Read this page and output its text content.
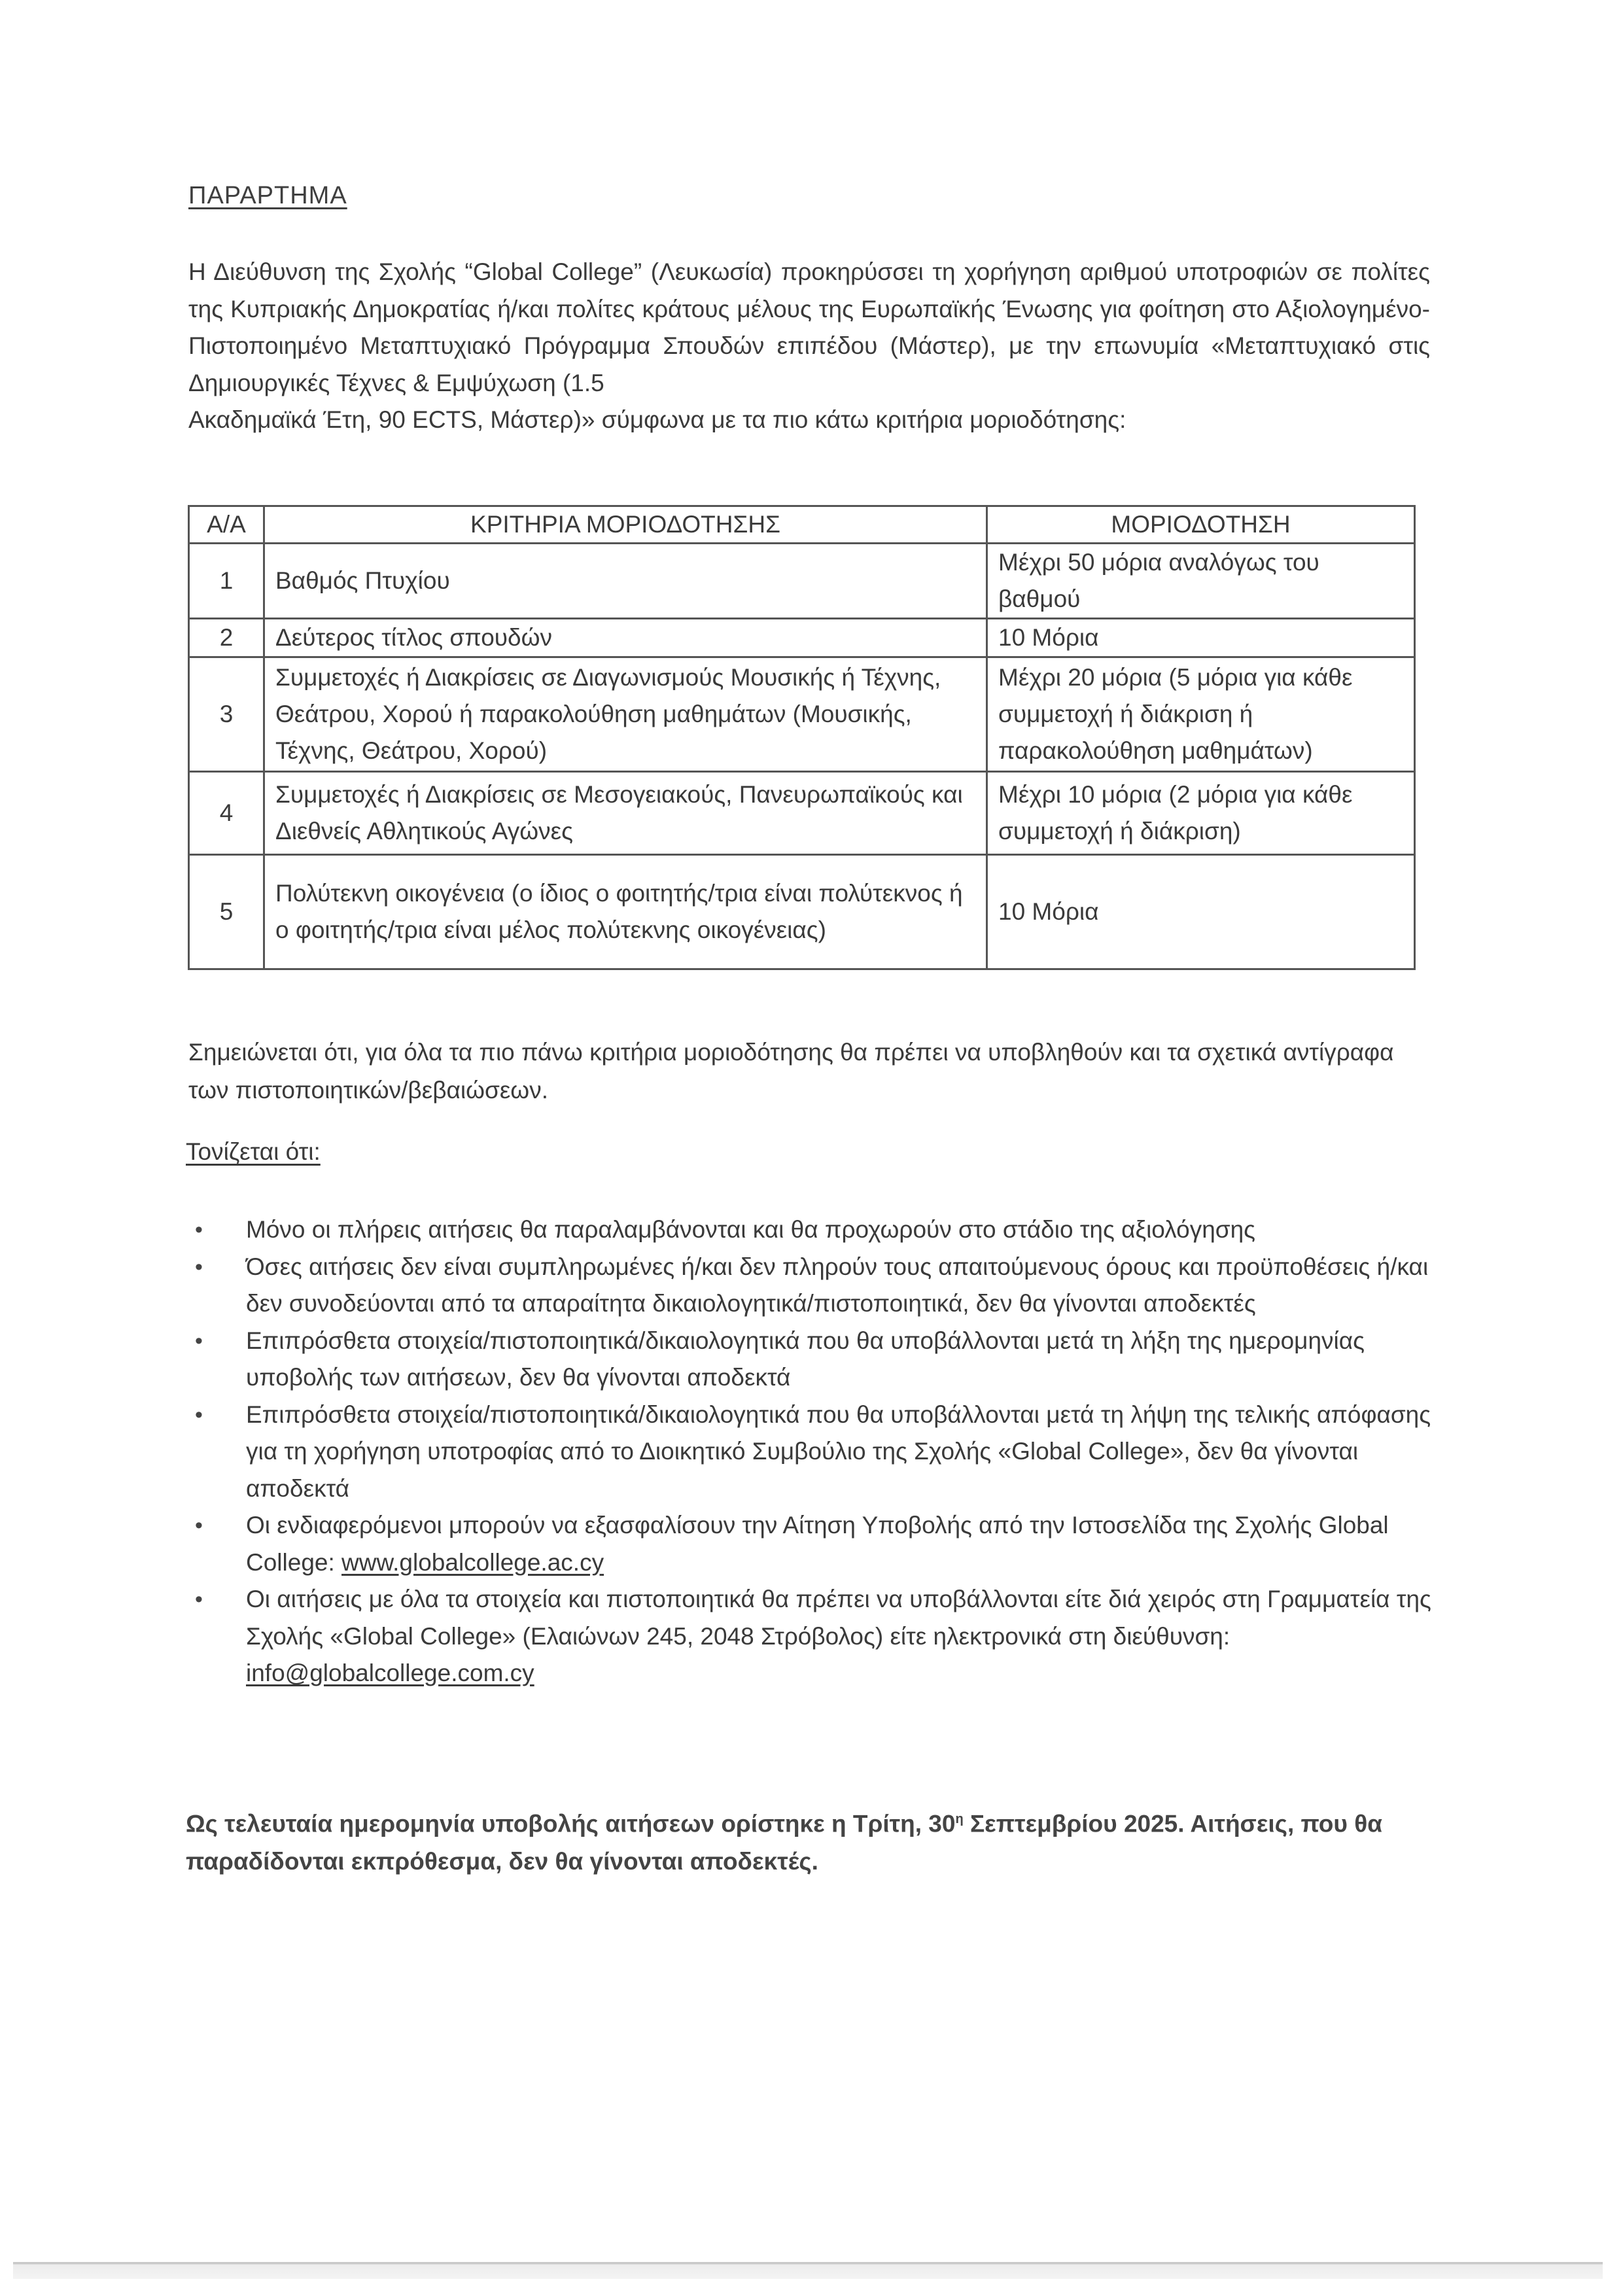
ΠΑΡΑΡΤΗΜΑ
Η Διεύθυνση της Σχολής “Global College” (Λευκωσία) προκηρύσσει τη χορήγηση αριθμού υποτροφιών σε πολίτες της Κυπριακής Δημοκρατίας ή/και πολίτες κράτους μέλους της Ευρωπαϊκής Ένωσης για φοίτηση στο Αξιολογημένο-Πιστοποιημένο Μεταπτυχιακό Πρόγραμμα Σπουδών επιπέδου (Μάστερ), με την επωνυμία «Μεταπτυχιακό στις Δημιουργικές Τέχνες & Εμψύχωση (1.5
Ακαδημαϊκά Έτη, 90 ECTS, Μάστερ)» σύμφωνα με τα πιο κάτω κριτήρια μοριοδότησης:
Α/Α	ΚΡΙΤΗΡΙΑ ΜΟΡΙΟΔΟΤΗΣΗΣ	ΜΟΡΙΟΔΟΤΗΣΗ
1	Βαθμός Πτυχίου	Μέχρι 50 μόρια αναλόγως του βαθμού
2	Δεύτερος τίτλος σπουδών	10 Μόρια
3	Συμμετοχές ή Διακρίσεις σε Διαγωνισμούς Μουσικής ή Τέχνης, Θεάτρου, Χορού ή παρακολούθηση μαθημάτων (Μουσικής, Τέχνης, Θεάτρου, Χορού)	Μέχρι 20 μόρια (5 μόρια για κάθε συμμετοχή ή διάκριση ή παρακολούθηση μαθημάτων)
4	Συμμετοχές ή Διακρίσεις σε Μεσογειακούς, Πανευρωπαϊκούς και Διεθνείς Αθλητικούς Αγώνες	Μέχρι 10 μόρια (2 μόρια για κάθε συμμετοχή ή διάκριση)
5	Πολύτεκνη οικογένεια (ο ίδιος ο φοιτητής/τρια είναι πολύτεκνος ή ο φοιτητής/τρια είναι μέλος πολύτεκνης οικογένειας)	10 Μόρια
Σημειώνεται ότι, για όλα τα πιο πάνω κριτήρια μοριοδότησης θα πρέπει να υποβληθούν και τα σχετικά αντίγραφα των πιστοποιητικών/βεβαιώσεων.
Τονίζεται ότι:
• Μόνο οι πλήρεις αιτήσεις θα παραλαμβάνονται και θα προχωρούν στο στάδιο της αξιολόγησης
• Όσες αιτήσεις δεν είναι συμπληρωμένες ή/και δεν πληρούν τους απαιτούμενους όρους και προϋποθέσεις ή/και δεν συνοδεύονται από τα απαραίτητα δικαιολογητικά/πιστοποιητικά, δεν θα γίνονται αποδεκτές
• Επιπρόσθετα στοιχεία/πιστοποιητικά/δικαιολογητικά που θα υποβάλλονται μετά τη λήξη της ημερομηνίας υποβολής των αιτήσεων, δεν θα γίνονται αποδεκτά
• Επιπρόσθετα στοιχεία/πιστοποιητικά/δικαιολογητικά που θα υποβάλλονται μετά τη λήψη της τελικής απόφασης για τη χορήγηση υποτροφίας από το Διοικητικό Συμβούλιο της Σχολής «Global College», δεν θα γίνονται αποδεκτά
• Οι ενδιαφερόμενοι μπορούν να εξασφαλίσουν την Αίτηση Υποβολής από την Ιστοσελίδα της Σχολής Global College: www.globalcollege.ac.cy
• Οι αιτήσεις με όλα τα στοιχεία και πιστοποιητικά θα πρέπει να υποβάλλονται είτε διά χειρός στη Γραμματεία της Σχολής «Global College» (Ελαιώνων 245, 2048 Στρόβολος) είτε ηλεκτρονικά στη διεύθυνση: info@globalcollege.com.cy
Ως τελευταία ημερομηνία υποβολής αιτήσεων ορίστηκε η Τρίτη, $30^\eta$ Σεπτεμβρίου 2025. Αιτήσεις, που θα παραδίδονται εκπρόθεσμα, δεν θα γίνονται αποδεκτές.
